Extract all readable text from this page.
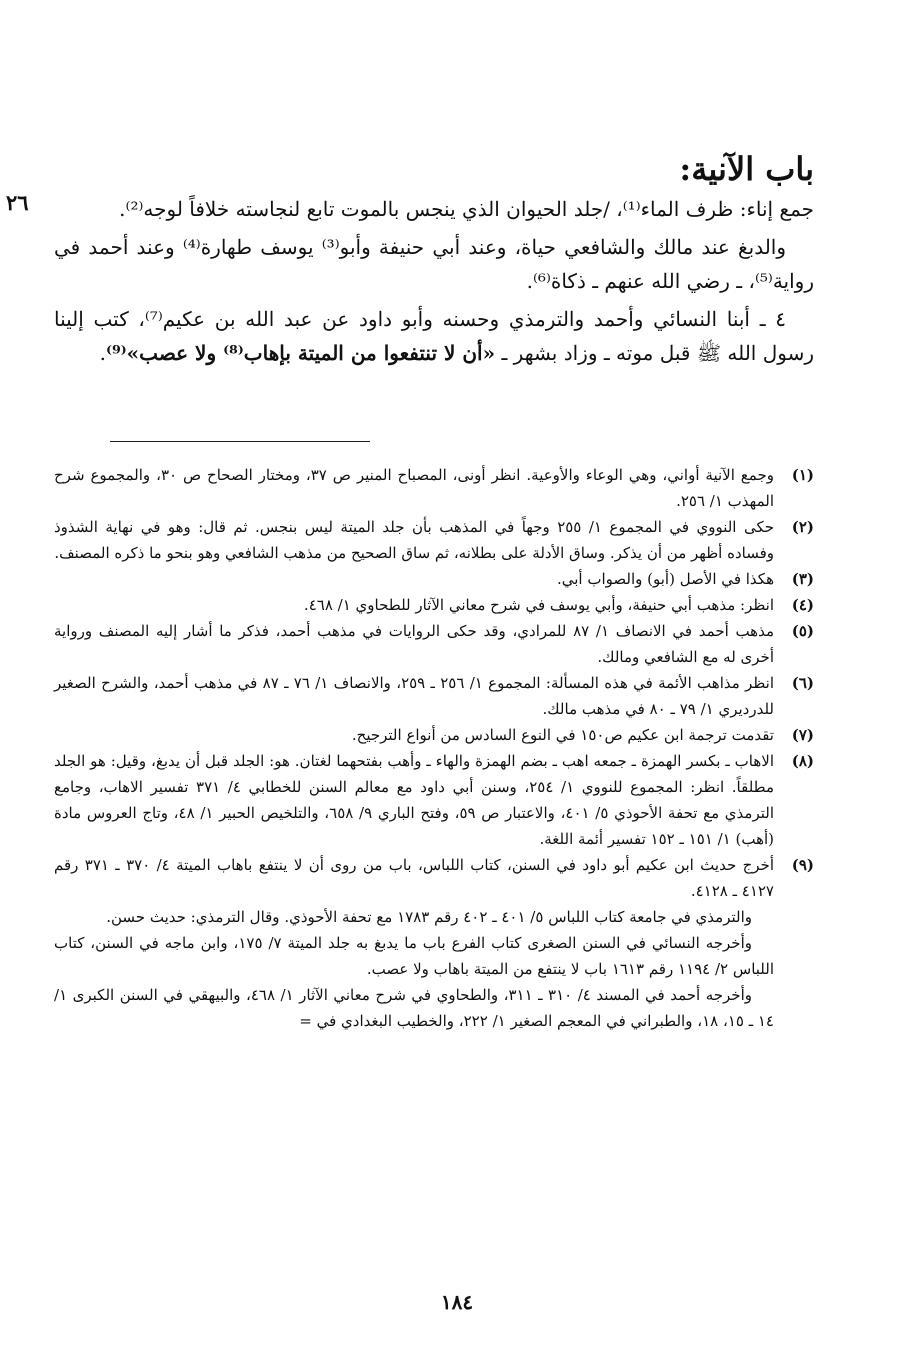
٢٦
باب الآنية:

جمع إناء: ظرف الماء⁽¹⁾، /جلد الحيوان الذي ينجس بالموت تابع لنجاسته خلافاً لوجه⁽²⁾.

والدبغ عند مالك والشافعي حياة، وعند أبي حنيفة وأبو⁽³⁾ يوسف طهارة⁽⁴⁾ وعند أحمد في رواية⁽⁵⁾، ـ رضي الله عنهم ـ ذكاة⁽⁶⁾.

٤ ـ أبنا النسائي وأحمد والترمذي وحسنه وأبو داود عن عبد الله بن عكيم⁽⁷⁾، كتب إلينا رسول الله ﷺ قبل موته ـ وزاد بشهر ـ «أن لا تنتفعوا من الميتة بإهاب⁽⁸⁾ ولا عصب»⁽⁹⁾.

(١)
وجمع الآنية أواني، وهي الوعاء والأوعية. انظر أونى، المصباح المنير ص ٣٧، ومختار الصحاح ص ٣٠، والمجموع شرح المهذب ١/ ٢٥٦.
(٢)
حكى النووي في المجموع ١/ ٢٥٥ وجهاً في المذهب بأن جلد الميتة ليس بنجس. ثم قال: وهو في نهاية الشذوذ وفساده أظهر من أن يذكر. وساق الأدلة على بطلانه، ثم ساق الصحيح من مذهب الشافعي وهو بنحو ما ذكره المصنف.
(٣)
هكذا في الأصل (أبو) والصواب أبي.
(٤)
انظر: مذهب أبي حنيفة، وأبي يوسف في شرح معاني الآثار للطحاوي ١/ ٤٦٨.
(٥)
مذهب أحمد في الانصاف ١/ ٨٧ للمرادي، وقد حكى الروايات في مذهب أحمد، فذكر ما أشار إليه المصنف ورواية أخرى له مع الشافعي ومالك.
(٦)
انظر مذاهب الأئمة في هذه المسألة: المجموع ١/ ٢٥٦ ـ ٢٥٩، والانصاف ١/ ٧٦ ـ ٨٧ في مذهب أحمد، والشرح الصغير للدرديري ١/ ٧٩ ـ ٨٠ في مذهب مالك.
(٧)
تقدمت ترجمة ابن عكيم ص١٥٠ في النوع السادس من أنواع الترجيح.
(٨)
الاهاب ـ بكسر الهمزة ـ جمعه اهب ـ بضم الهمزة والهاء ـ وأهب بفتحهما لغتان. هو: الجلد قبل أن يدبغ، وقيل: هو الجلد مطلقاً. انظر: المجموع للنووي ١/ ٢٥٤، وسنن أبي داود مع معالم السنن للخطابي ٤/ ٣٧١ تفسير الاهاب، وجامع الترمذي مع تحفة الأحوذي ٥/ ٤٠١، والاعتبار ص ٥٩، وفتح الباري ٩/ ٦٥٨، والتلخيص الحبير ١/ ٤٨، وتاج العروس مادة (أهب) ١/ ١٥١ ـ ١٥٢ تفسير أئمة اللغة.
(٩)
أخرج حديث ابن عكيم أبو داود في السنن، كتاب اللباس، باب من روى أن لا ينتفع باهاب الميتة ٤/ ٣٧٠ ـ ٣٧١ رقم ٤١٢٧ ـ ٤١٢٨.
والترمذي في جامعة كتاب اللباس ٥/ ٤٠١ ـ ٤٠٢ رقم ١٧٨٣ مع تحفة الأحوذي. وقال الترمذي: حديث حسن.
وأخرجه النسائي في السنن الصغرى كتاب الفرع باب ما يدبغ به جلد الميتة ٧/ ١٧٥، وابن ماجه في السنن، كتاب اللباس ٢/ ١١٩٤ رقم ١٦١٣ باب لا ينتفع من الميتة باهاب ولا عصب.
وأخرجه أحمد في المسند ٤/ ٣١٠ ـ ٣١١، والطحاوي في شرح معاني الآثار ١/ ٤٦٨، والبيهقي في السنن الكبرى ١/ ١٤ ـ ١٥، ١٨، والطبراني في المعجم الصغير ١/ ٢٢٢، والخطيب البغدادي في =
١٨٤
